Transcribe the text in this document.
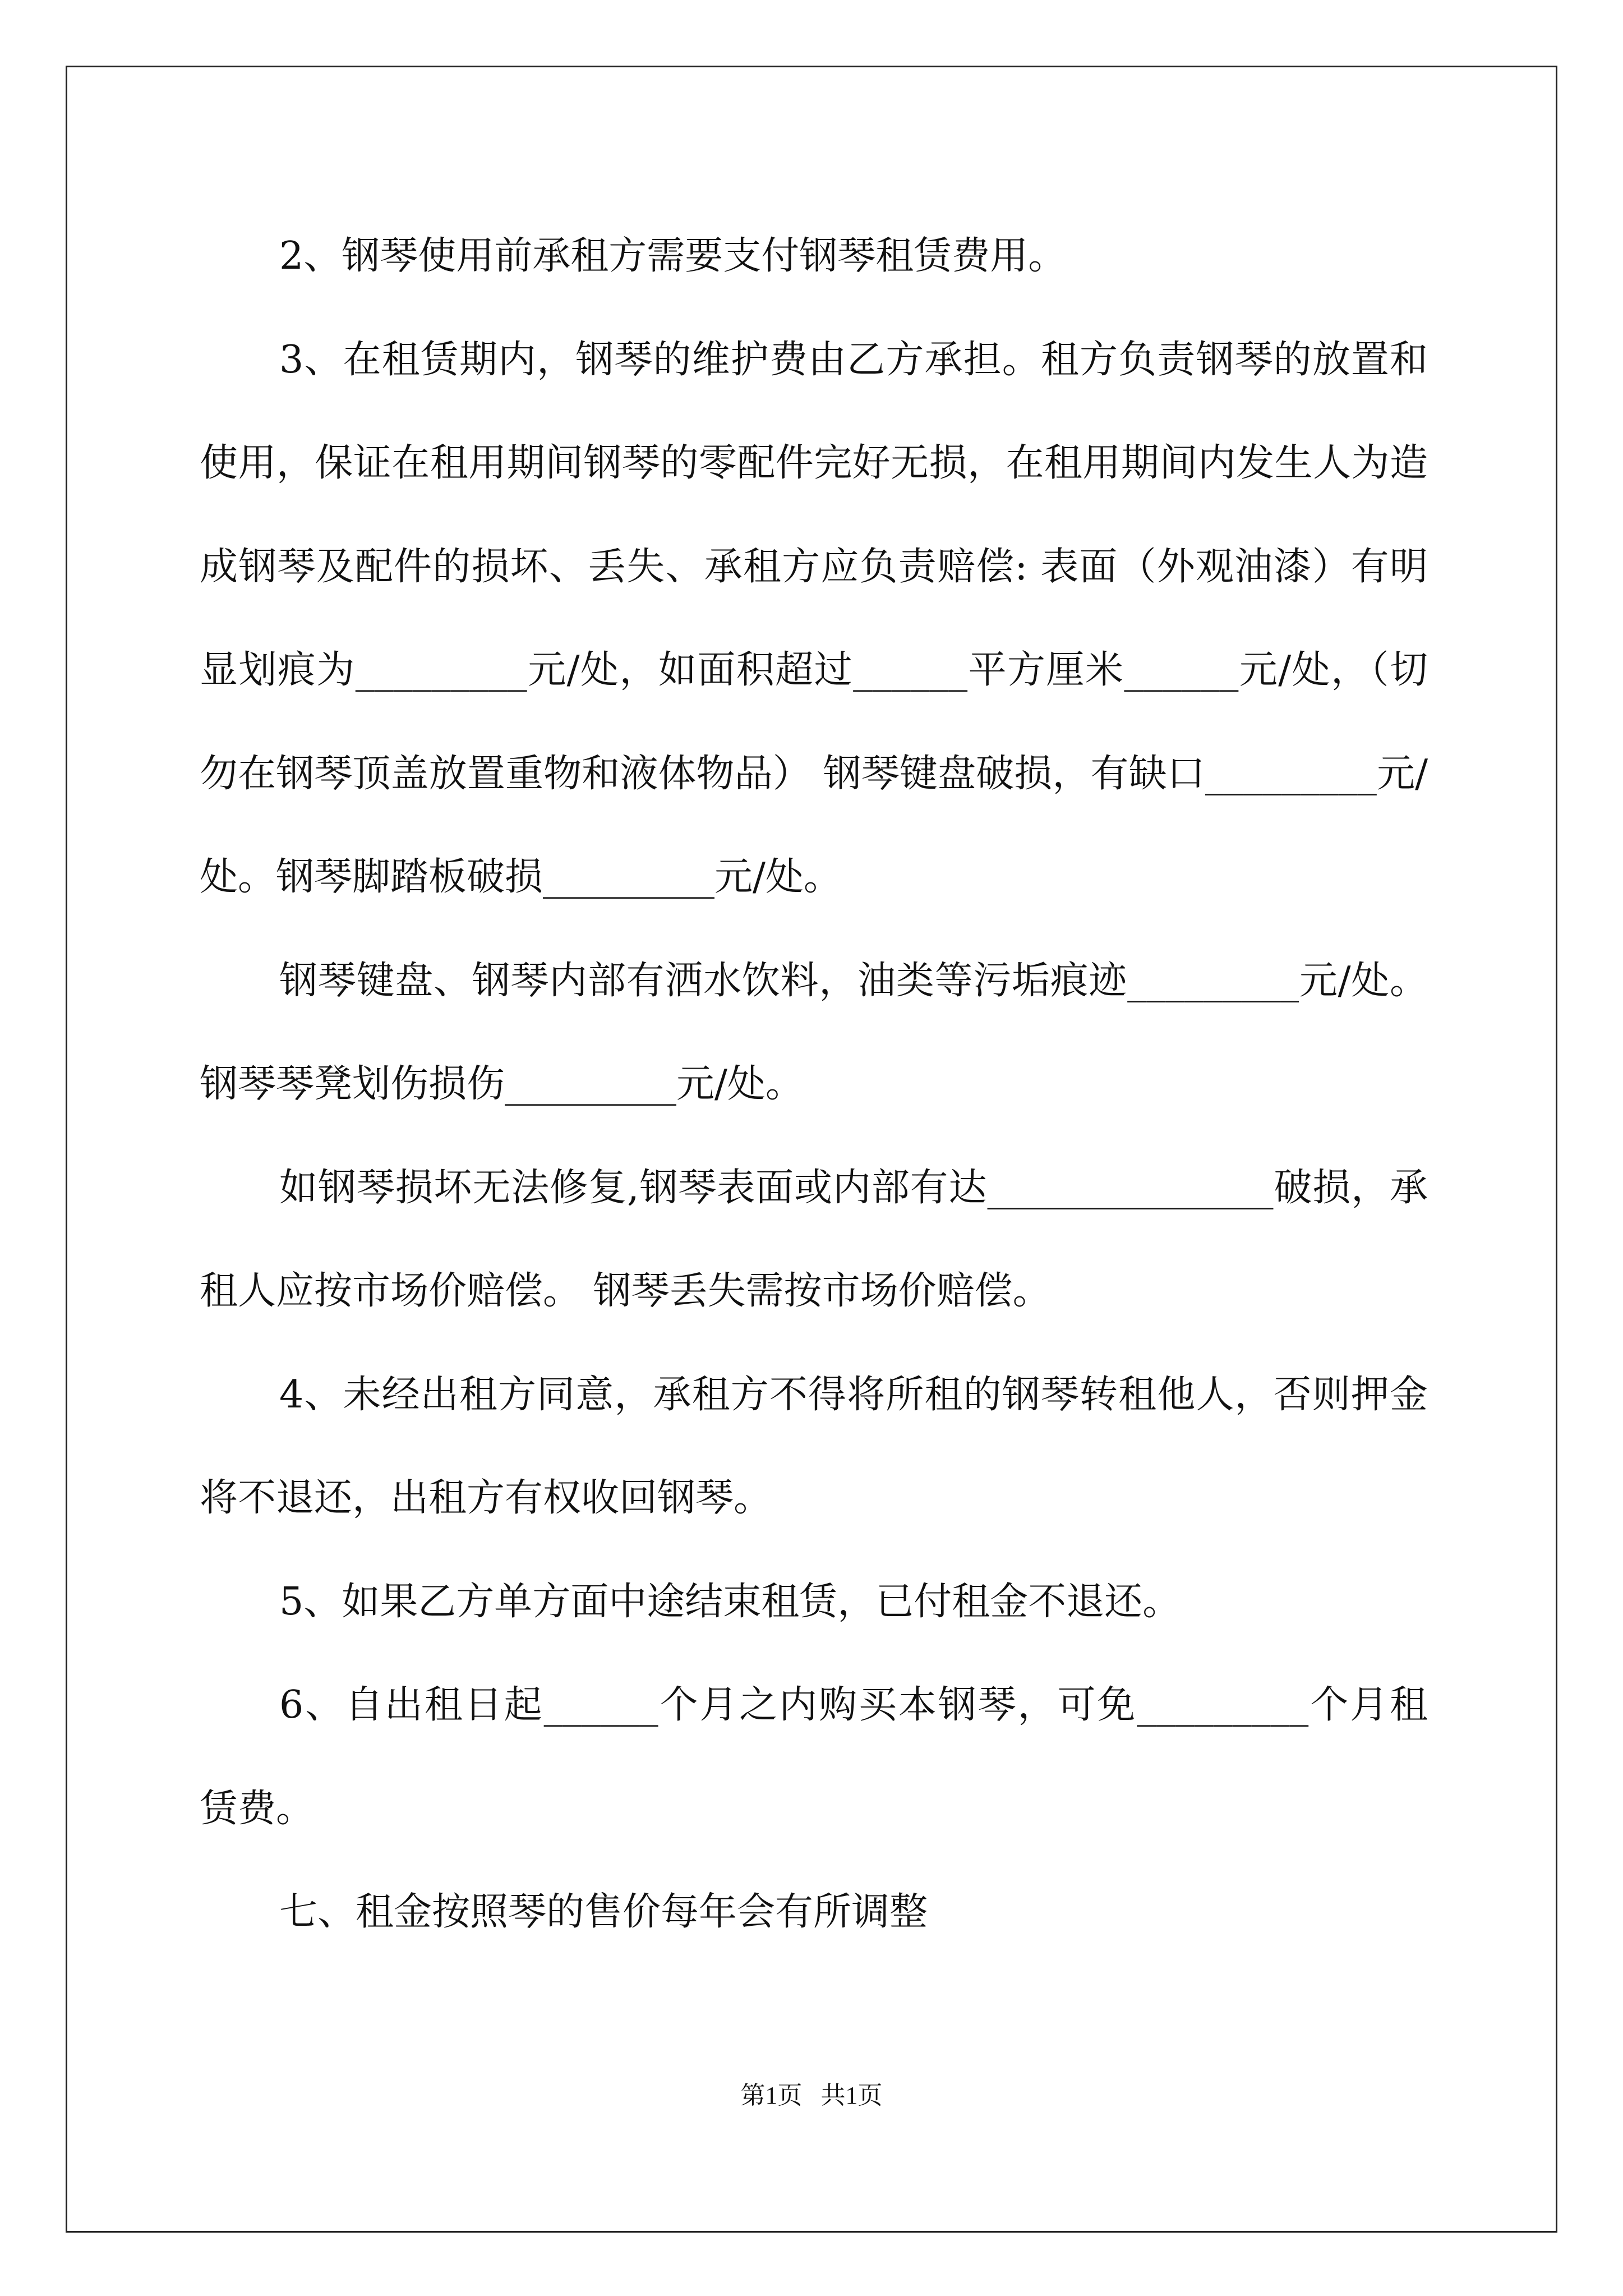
2、钢琴使用前承租方需要支付钢琴租赁费用。

3、在租赁期内，钢琴的维护费由乙方承担。租方负责钢琴的放置和使用，保证在租用期间钢琴的零配件完好无损，在租用期间内发生人为造成钢琴及配件的损坏、丢失、承租方应负责赔偿: 表面（外观油漆）有明显划痕为_________元/处，如面积超过______平方厘米______元/处，（切勿在钢琴顶盖放置重物和液体物品） 钢琴键盘破损，有缺口_________元/处。钢琴脚踏板破损_________元/处。

钢琴键盘、钢琴内部有洒水饮料，油类等污垢痕迹_________元/处。 钢琴琴凳划伤损伤_________元/处。

如钢琴损坏无法修复,钢琴表面或内部有达_______________破损，承租人应按市场价赔偿。 钢琴丢失需按市场价赔偿。

4、未经出租方同意，承租方不得将所租的钢琴转租他人，否则押金将不退还，出租方有权收回钢琴。

5、如果乙方单方面中途结束租赁，已付租金不退还。

6、自出租日起______个月之内购买本钢琴，可免_________个月租赁费。

七、租金按照琴的售价每年会有所调整

第1页   共1页
